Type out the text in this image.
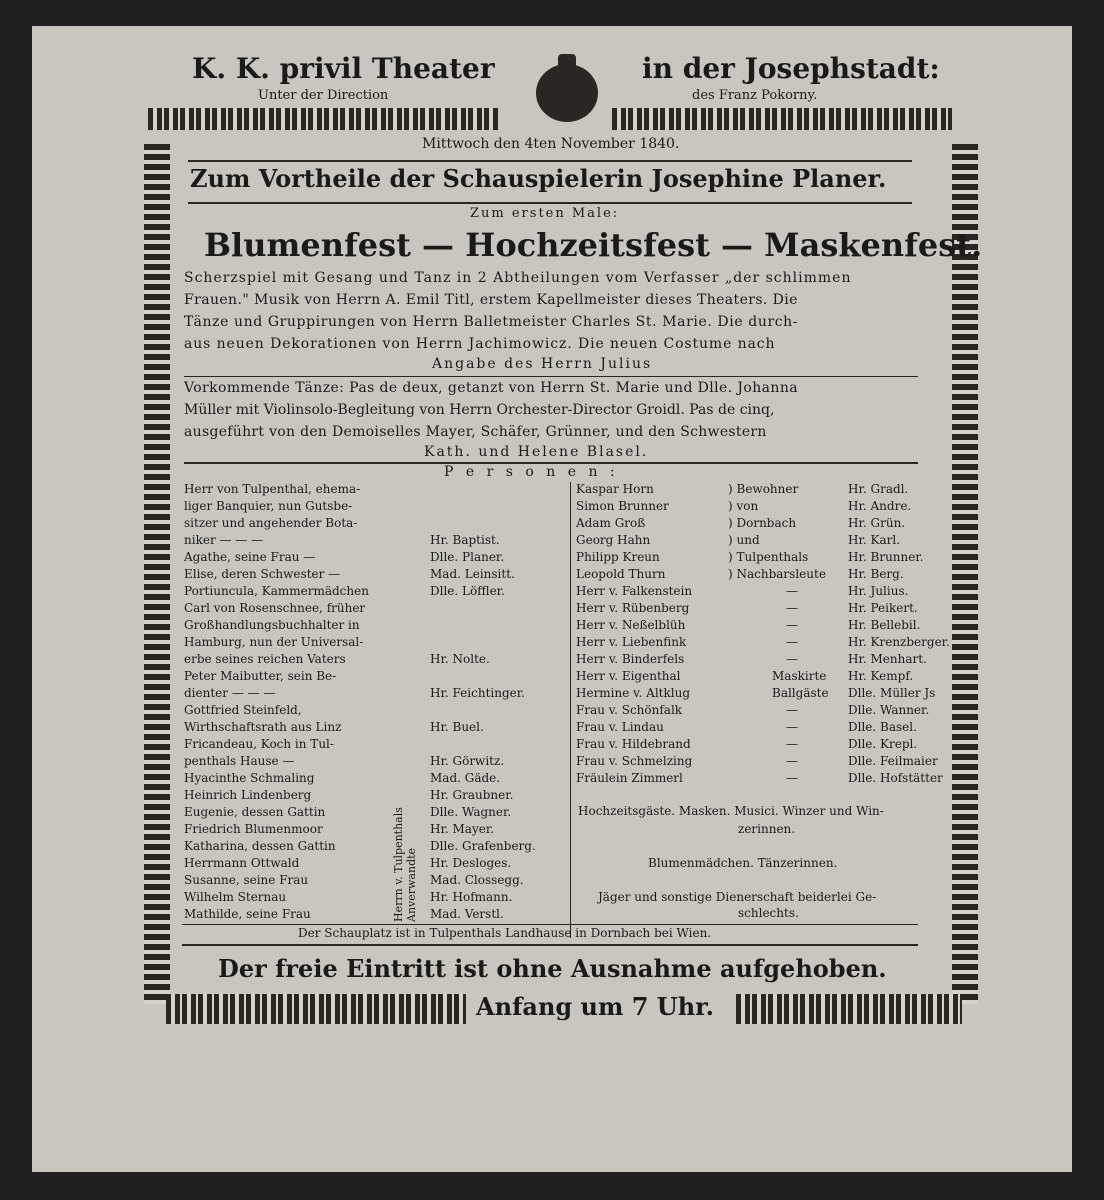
K. K. privil Theater	in der Josephstadt:
Unter der Direction	des Franz Pokorny.
Mittwoch den 4ten November 1840.
Zum Vortheile der Schauspielerin Josephine Planer.
Zum ersten Male:
Blumenfest — Hochzeitsfest — Maskenfest.
Scherzspiel mit Gesang und Tanz in 2 Abtheilungen vom Verfasser „der schlimmen
Frauen." Musik von Herrn A. Emil Titl, erstem Kapellmeister dieses Theaters. Die
Tänze und Gruppirungen von Herrn Balletmeister Charles St. Marie. Die durch-
aus neuen Dekorationen von Herrn Jachimowicz. Die neuen Costume nach
Angabe des Herrn Julius
Vorkommende Tänze: Pas de deux, getanzt von Herrn St. Marie und Dlle. Johanna
Müller mit Violinsolo-Begleitung von Herrn Orchester-Director Groidl. Pas de cinq,
ausgeführt von den Demoiselles Mayer, Schäfer, Grünner, und den Schwestern
Kath. und Helene Blasel.
P e r s o n e n :
Herr von Tulpenthal, ehema-
liger Banquier, nun Gutsbe-
sitzer und angehender Bota-
niker — — —	Hr. Baptist.
Agathe, seine Frau —	Dlle. Planer.
Elise, deren Schwester —	Mad. Leinsitt.
Portiuncula, Kammermädchen	Dlle. Löffler.
Carl von Rosenschnee, früher
Großhandlungsbuchhalter in
Hamburg, nun der Universal-
erbe seines reichen Vaters	Hr. Nolte.
Peter Maibutter, sein Be-
dienter — — —	Hr. Feichtinger.
Gottfried Steinfeld,
Wirthschaftsrath aus Linz	Hr. Buel.
Fricandeau, Koch in Tul-
penthals Hause —	Hr. Görwitz.
Hyacinthe Schmaling	Mad. Gäde.
Heinrich Lindenberg	Hr. Graubner.
Eugenie, dessen Gattin	Dlle. Wagner.
Friedrich Blumenmoor	Hr. Mayer.
Katharina, dessen Gattin	Dlle. Grafenberg.
Herrmann Ottwald	Hr. Desloges.
Susanne, seine Frau	Mad. Clossegg.
Wilhelm Sternau	Hr. Hofmann.
Mathilde, seine Frau	Mad. Verstl.
Herrn v. Tulpenthals Anverwandte
Kaspar Horn	) Bewohner	Hr. Gradl.
Simon Brunner	) von	Hr. Andre.
Adam Groß	) Dornbach	Hr. Grün.
Georg Hahn	) und	Hr. Karl.
Philipp Kreun	) Tulpenthals	Hr. Brunner.
Leopold Thurn	) Nachbarsleute Hr. Berg.
Herr v. Falkenstein	—	Hr. Julius.
Herr v. Rübenberg	—	Hr. Peikert.
Herr v. Neßelblüh	—	Hr. Bellebil.
Herr v. Liebenfink	—	Hr. Krenzberger.
Herr v. Binderfels	—	Hr. Menhart.
Herr v. Eigenthal	Maskirte Hr. Kempf.
Hermine v. Altklug	Ballgäste Dlle. Müller Js
Frau v. Schönfalk	—	Dlle. Wanner.
Frau v. Lindau	—	Dlle. Basel.
Frau v. Hildebrand	—	Dlle. Krepl.
Frau v. Schmelzing	—	Dlle. Feilmaier
Fräulein Zimmerl	—	Dlle. Hofstätter
Hochzeitsgäste. Masken. Musici. Winzer und Win-
zerinnen.
Blumenmädchen. Tänzerinnen.
Jäger und sonstige Dienerschaft beiderlei Ge-
schlechts.
Der Schauplatz ist in Tulpenthals Landhause in Dornbach bei Wien.
Der freie Eintritt ist ohne Ausnahme aufgehoben.
Anfang um 7 Uhr.
